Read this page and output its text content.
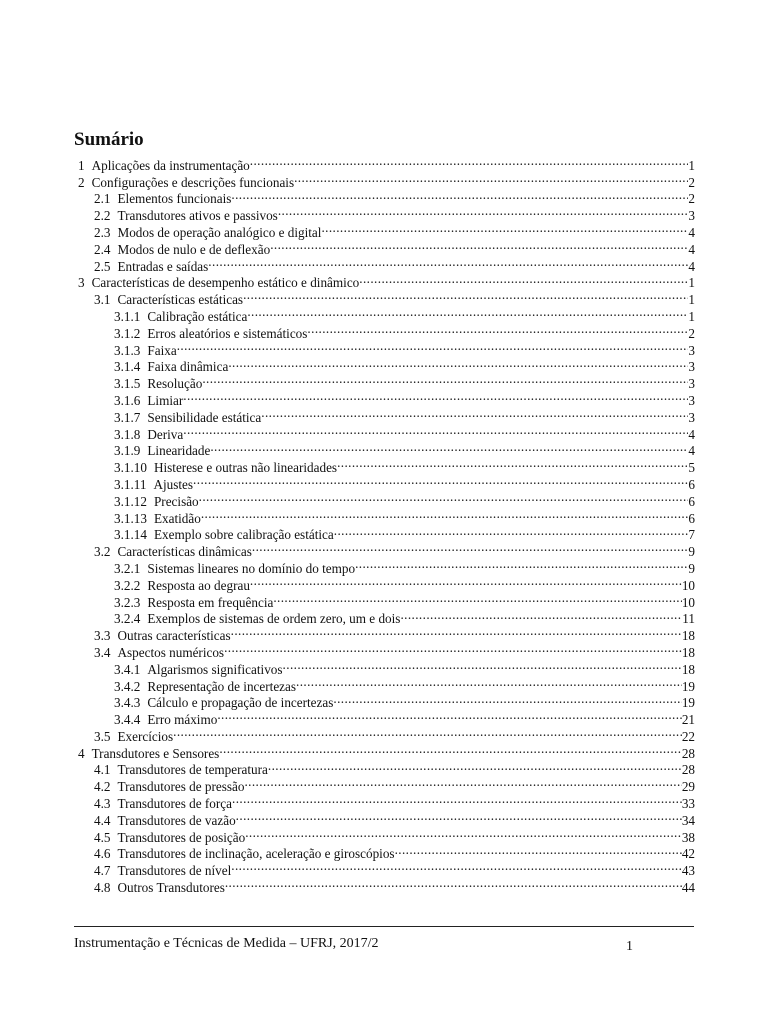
Sumário
1 Aplicações da instrumentação .....	1
2 Configurações e descrições funcionais .....	2
2.1 Elementos funcionais .....	2
2.2 Transdutores ativos e passivos .....	3
2.3 Modos de operação analógico e digital .....	4
2.4 Modos de nulo e de deflexão .....	4
2.5 Entradas e saídas .....	4
3 Características de desempenho estático e dinâmico .....	1
3.1 Características estáticas .....	1
3.1.1 Calibração estática .....	1
3.1.2 Erros aleatórios e sistemáticos .....	2
3.1.3 Faixa .....	3
3.1.4 Faixa dinâmica .....	3
3.1.5 Resolução .....	3
3.1.6 Limiar .....	3
3.1.7 Sensibilidade estática .....	3
3.1.8 Deriva .....	4
3.1.9 Linearidade .....	4
3.1.10 Histerese e outras não linearidades .....	5
3.1.11 Ajustes .....	6
3.1.12 Precisão .....	6
3.1.13 Exatidão .....	6
3.1.14 Exemplo sobre calibração estática .....	7
3.2 Características dinâmicas .....	9
3.2.1 Sistemas lineares no domínio do tempo .....	9
3.2.2 Resposta ao degrau .....	10
3.2.3 Resposta em frequência .....	10
3.2.4 Exemplos de sistemas de ordem zero, um e dois .....	11
3.3 Outras características .....	18
3.4 Aspectos numéricos .....	18
3.4.1 Algarismos significativos .....	18
3.4.2 Representação de incertezas .....	19
3.4.3 Cálculo e propagação de incertezas .....	19
3.4.4 Erro máximo .....	21
3.5 Exercícios .....	22
4 Transdutores e Sensores .....	28
4.1 Transdutores de temperatura .....	28
4.2 Transdutores de pressão .....	29
4.3 Transdutores de força .....	33
4.4 Transdutores de vazão .....	34
4.5 Transdutores de posição .....	38
4.6 Transdutores de inclinação, aceleração e giroscópios .....	42
4.7 Transdutores de nível .....	43
4.8 Outros Transdutores .....	44
Instrumentação e Técnicas de Medida – UFRJ, 2017/2	1
